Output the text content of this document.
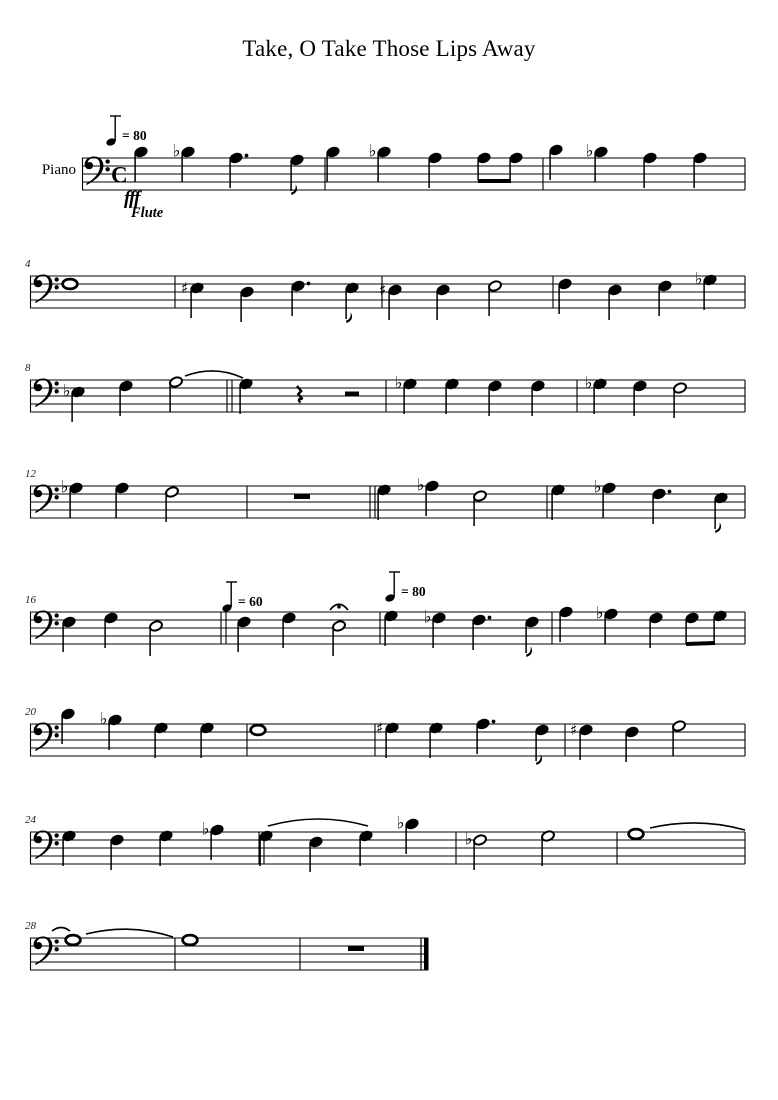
Take, O Take Those Lips Away
Piano
fff
Flute
C
♭	♭	♭
= 80
4
♯	♯
♭
8
♭	♭	♭
12
♭	♭	♭
16
♭	♭
= 60
= 80
20	♭	♯	♯
24	♭	♭
♭
28
